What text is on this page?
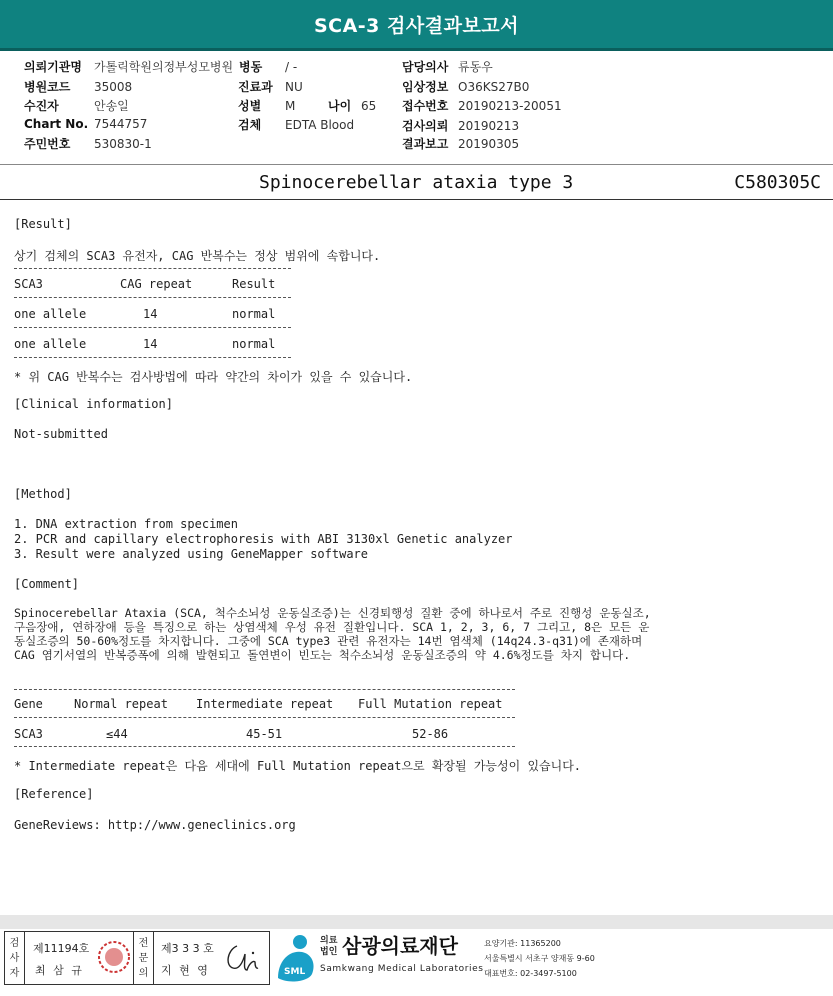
SCA-3 검사결과보고서
의뢰기관명 가톨릭학원의정부성모병원
병원코드 35008
수진자	안송일
Chart No. 7544757
주민번호 530830-1
병동 / -
진료과 NU
성별 M	나이 65
검체 EDTA Blood
담당의사 류동우
임상정보 O36KS27B0
접수번호 20190213-20051
검사의뢰 20190213
결과보고 20190305
Spinocerebellar ataxia type 3	C580305C
[Result]
상기 검체의 SCA3 유전자, CAG 반복수는 정상 범위에 속합니다.
SCA3	CAG repeat	Result
one allele	14	normal
one allele	14	normal
* 위 CAG 반복수는 검사방법에 따라 약간의 차이가 있을 수 있습니다.
[Clinical information]
Not-submitted
[Method]
1. DNA extraction from specimen
2. PCR and capillary electrophoresis with ABI 3130xl Genetic analyzer
3. Result were analyzed using GeneMapper software
[Comment]
Spinocerebellar Ataxia (SCA, 척수소뇌성 운동실조증)는 신경퇴행성 질환 중에 하나로서 주로 진행성 운동실조,
구음장애, 연하장애 등을 특징으로 하는 상염색체 우성 유전 질환입니다. SCA 1, 2, 3, 6, 7 그리고, 8은 모든 운
동실조증의 50-60%정도를 차지합니다. 그중에 SCA type3 관련 유전자는 14번 염색체 (14q24.3-q31)에 존재하며
CAG 염기서열의 반복증폭에 의해 발현되고 돌연변이 빈도는 척수소뇌성 운동실조증의 약 4.6%정도를 차지 합니다.
Gene	Normal repeat Intermediate repeat Full Mutation repeat
SCA3	≤44	45-51	52-86
* Intermediate repeat은 다음 세대에 Full Mutation repeat으로 확장될 가능성이 있습니다.
[Reference]
GeneReviews: http://www.geneclinics.org
검
사
자
제11194호
최 삼 규
전
문
의
제3 3 3 호
지 현 영	SML
의료
법인 삼광의료재단
Samkwang Medical Laboratories
요양기관: 11365200
서울특별시 서초구 양재동 9-60
대표번호: 02-3497-5100
